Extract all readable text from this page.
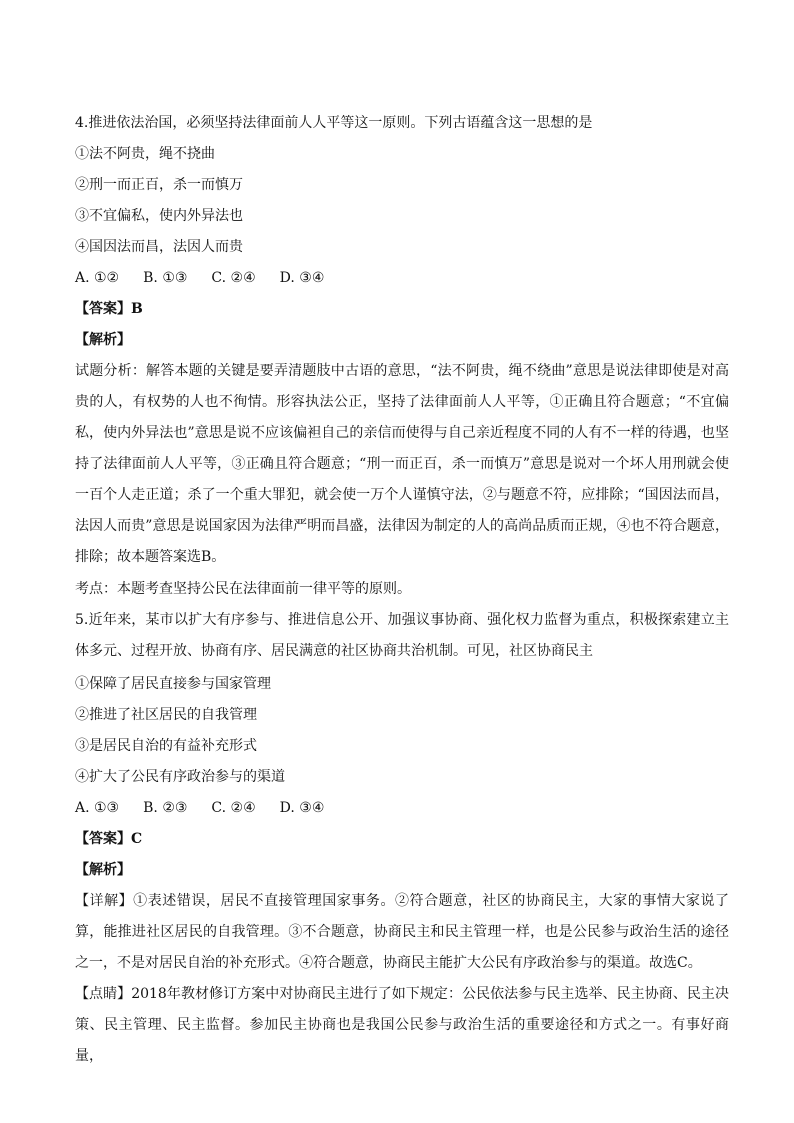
4.推进依法治国，必须坚持法律面前人人平等这一原则。下列古语蕴含这一思想的是
①法不阿贵，绳不挠曲
②刑一而正百，杀一而慎万
③不宜偏私，使内外异法也
④国因法而昌，法因人而贵
A. ①② B. ①③ C. ②④ D. ③④
【答案】B
【解析】
试题分析：解答本题的关键是要弄清题肢中古语的意思，“法不阿贵，绳不绕曲”意思是说法律即使是对高贵的人，有权势的人也不徇情。形容执法公正，坚持了法律面前人人平等，①正确且符合题意；“不宜偏私，使内外异法也”意思是说不应该偏袒自己的亲信而使得与自己亲近程度不同的人有不一样的待遇，也坚持了法律面前人人平等，③正确且符合题意；“刑一而正百，杀一而慎万”意思是说对一个坏人用刑就会使一百个人走正道；杀了一个重大罪犯，就会使一万个人谨慎守法，②与题意不符，应排除；“国因法而昌，法因人而贵”意思是说国家因为法律严明而昌盛，法律因为制定的人的高尚品质而正规，④也不符合题意，排除；故本题答案选B。
考点：本题考查坚持公民在法律面前一律平等的原则。
5.近年来，某市以扩大有序参与、推进信息公开、加强议事协商、强化权力监督为重点，积极探索建立主体多元、过程开放、协商有序、居民满意的社区协商共治机制。可见，社区协商民主
①保障了居民直接参与国家管理
②推进了社区居民的自我管理
③是居民自治的有益补充形式
④扩大了公民有序政治参与的渠道
A. ①③ B. ②③ C. ②④ D. ③④
【答案】C
【解析】
【详解】①表述错误，居民不直接管理国家事务。②符合题意，社区的协商民主，大家的事情大家说了算，能推进社区居民的自我管理。③不合题意，协商民主和民主管理一样，也是公民参与政治生活的途径之一，不是对居民自治的补充形式。④符合题意，协商民主能扩大公民有序政治参与的渠道。故选C。
【点睛】2018年教材修订方案中对协商民主进行了如下规定：公民依法参与民主选举、民主协商、民主决策、民主管理、民主监督。参加民主协商也是我国公民参与政治生活的重要途径和方式之一。有事好商量，
